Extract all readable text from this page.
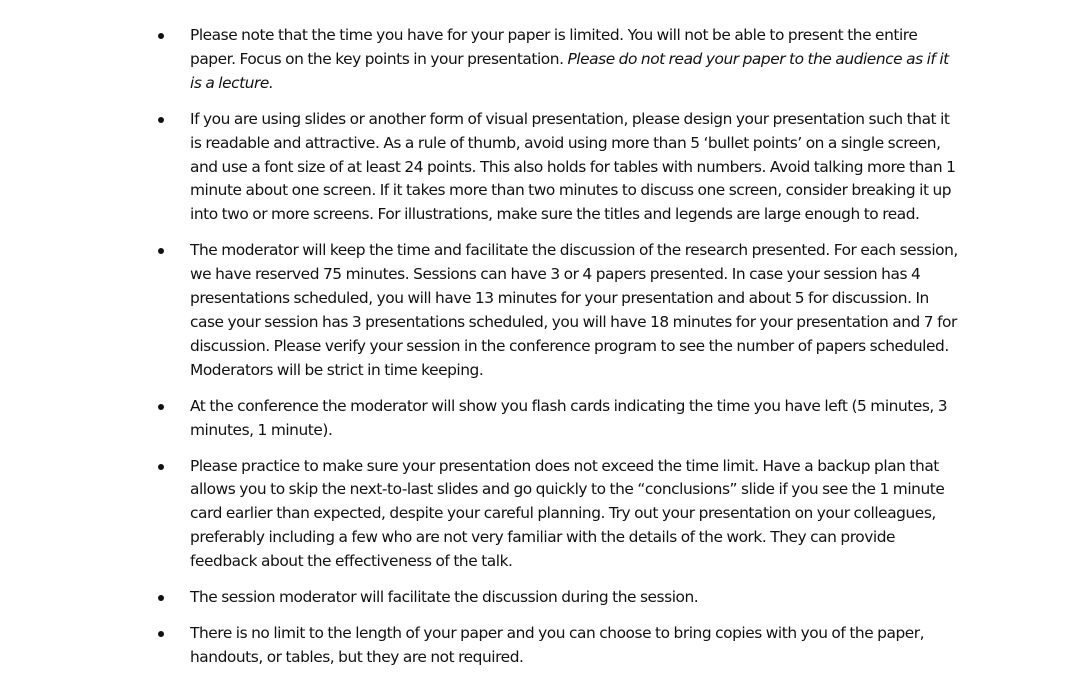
Please note that the time you have for your paper is limited. You will not be able to present the entire paper. Focus on the key points in your presentation. Please do not read your paper to the audience as if it is a lecture.
If you are using slides or another form of visual presentation, please design your presentation such that it is readable and attractive. As a rule of thumb, avoid using more than 5 ‘bullet points’ on a single screen, and use a font size of at least 24 points. This also holds for tables with numbers. Avoid talking more than 1 minute about one screen. If it takes more than two minutes to discuss one screen, consider breaking it up into two or more screens. For illustrations, make sure the titles and legends are large enough to read.
The moderator will keep the time and facilitate the discussion of the research presented. For each session, we have reserved 75 minutes. Sessions can have 3 or 4 papers presented. In case your session has 4 presentations scheduled, you will have 13 minutes for your presentation and about 5 for discussion. In case your session has 3 presentations scheduled, you will have 18 minutes for your presentation and 7 for discussion. Please verify your session in the conference program to see the number of papers scheduled. Moderators will be strict in time keeping.
At the conference the moderator will show you flash cards indicating the time you have left (5 minutes, 3 minutes, 1 minute).
Please practice to make sure your presentation does not exceed the time limit. Have a backup plan that allows you to skip the next-to-last slides and go quickly to the “conclusions” slide if you see the 1 minute card earlier than expected, despite your careful planning. Try out your presentation on your colleagues, preferably including a few who are not very familiar with the details of the work. They can provide feedback about the effectiveness of the talk.
The session moderator will facilitate the discussion during the session.
There is no limit to the length of your paper and you can choose to bring copies with you of the paper, handouts, or tables, but they are not required.
